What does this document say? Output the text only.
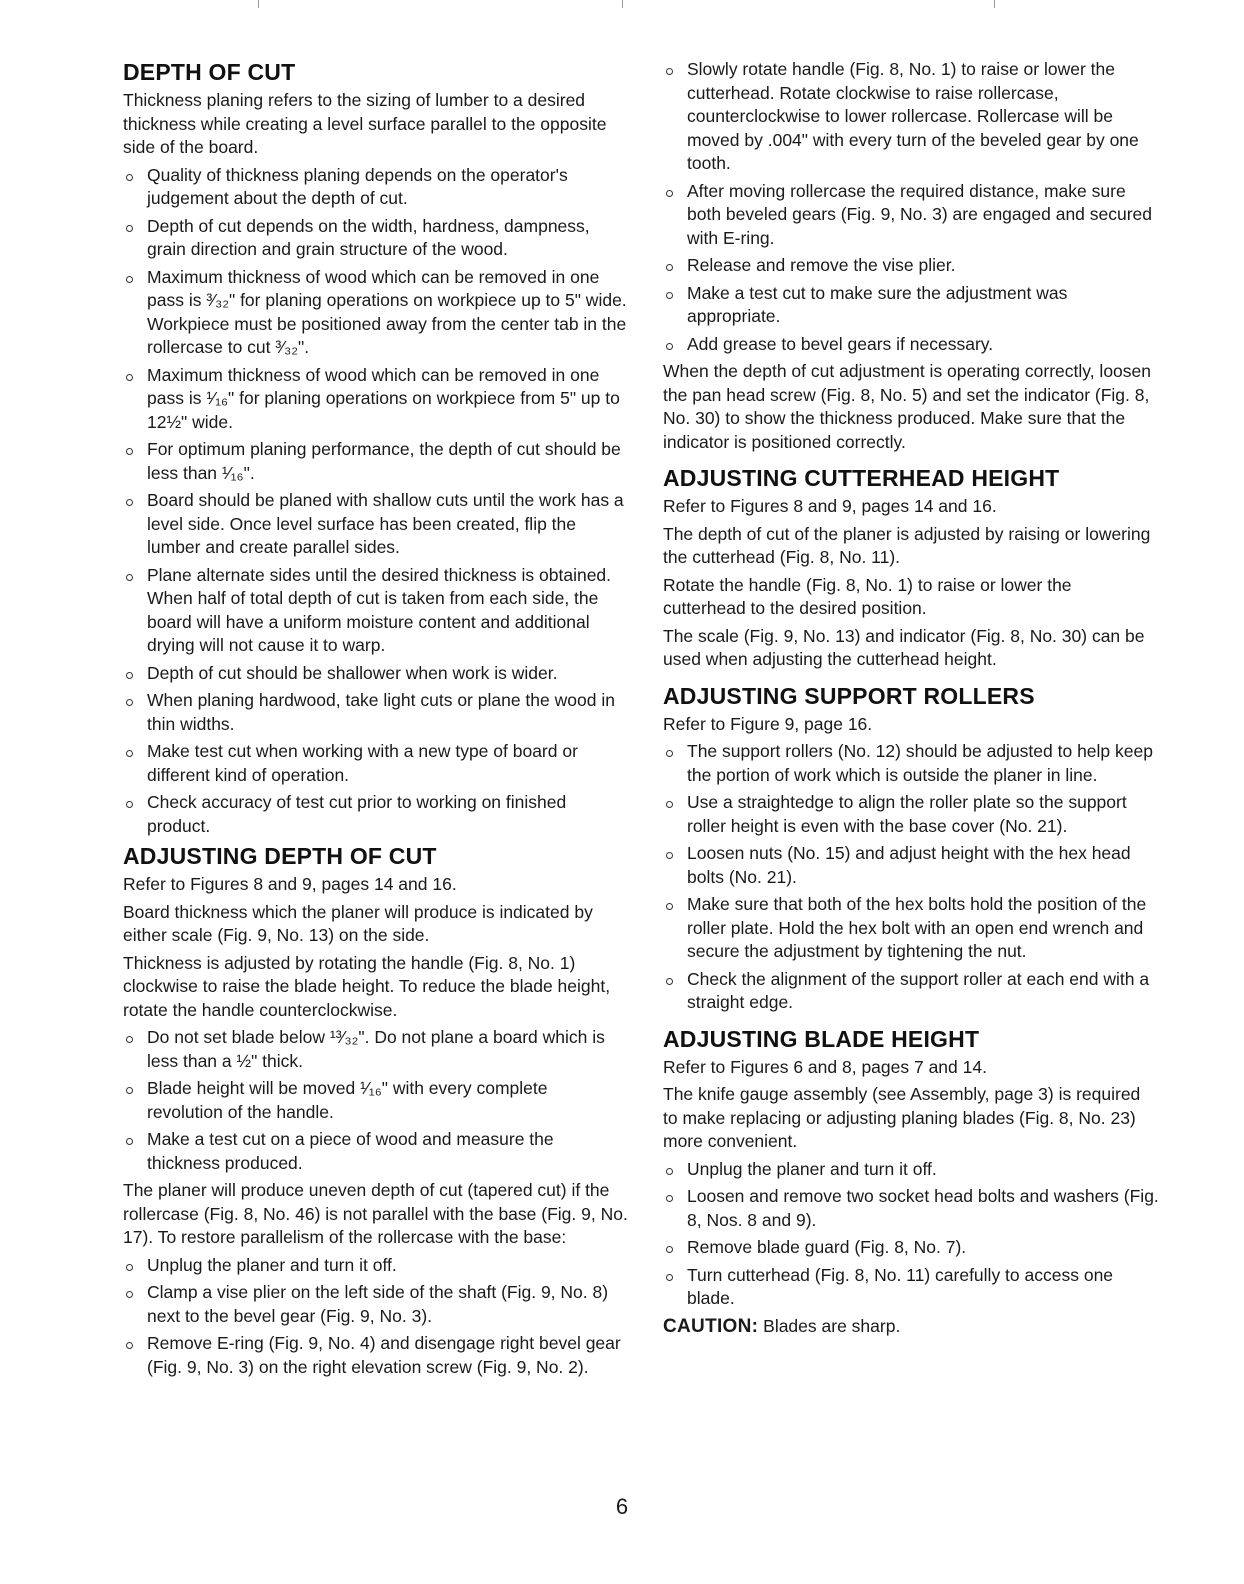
DEPTH OF CUT

Thickness planing refers to the sizing of lumber to a desired thickness while creating a level surface parallel to the opposite side of the board.

Quality of thickness planing depends on the operator's judgement about the depth of cut.
Depth of cut depends on the width, hardness, dampness, grain direction and grain structure of the wood.
Maximum thickness of wood which can be removed in one pass is ³⁄₃₂" for planing operations on workpiece up to 5" wide. Workpiece must be positioned away from the center tab in the rollercase to cut ³⁄₃₂".
Maximum thickness of wood which can be removed in one pass is ¹⁄₁₆" for planing operations on workpiece from 5" up to 12½" wide.
For optimum planing performance, the depth of cut should be less than ¹⁄₁₆".
Board should be planed with shallow cuts until the work has a level side. Once level surface has been created, flip the lumber and create parallel sides.
Plane alternate sides until the desired thickness is obtained. When half of total depth of cut is taken from each side, the board will have a uniform moisture content and additional drying will not cause it to warp.
Depth of cut should be shallower when work is wider.
When planing hardwood, take light cuts or plane the wood in thin widths.
Make test cut when working with a new type of board or different kind of operation.
Check accuracy of test cut prior to working on finished product.
ADJUSTING DEPTH OF CUT

Refer to Figures 8 and 9, pages 14 and 16.

Board thickness which the planer will produce is indicated by either scale (Fig. 9, No. 13) on the side.

Thickness is adjusted by rotating the handle (Fig. 8, No. 1) clockwise to raise the blade height. To reduce the blade height, rotate the handle counterclockwise.

Do not set blade below ¹³⁄₃₂". Do not plane a board which is less than a ½" thick.
Blade height will be moved ¹⁄₁₆" with every complete revolution of the handle.
Make a test cut on a piece of wood and measure the thickness produced.

The planer will produce uneven depth of cut (tapered cut) if the rollercase (Fig. 8, No. 46) is not parallel with the base (Fig. 9, No. 17). To restore parallelism of the rollercase with the base:

Unplug the planer and turn it off.
Clamp a vise plier on the left side of the shaft (Fig. 9, No. 8) next to the bevel gear (Fig. 9, No. 3).
Remove E-ring (Fig. 9, No. 4) and disengage right bevel gear (Fig. 9, No. 3) on the right elevation screw (Fig. 9, No. 2).
Slowly rotate handle (Fig. 8, No. 1) to raise or lower the cutterhead. Rotate clockwise to raise rollercase, counterclockwise to lower rollercase. Rollercase will be moved by .004" with every turn of the beveled gear by one tooth.
After moving rollercase the required distance, make sure both beveled gears (Fig. 9, No. 3) are engaged and secured with E-ring.
Release and remove the vise plier.
Make a test cut to make sure the adjustment was appropriate.
Add grease to bevel gears if necessary.

When the depth of cut adjustment is operating correctly, loosen the pan head screw (Fig. 8, No. 5) and set the indicator (Fig. 8, No. 30) to show the thickness produced. Make sure that the indicator is positioned correctly.

ADJUSTING CUTTERHEAD HEIGHT

Refer to Figures 8 and 9, pages 14 and 16.

The depth of cut of the planer is adjusted by raising or lowering the cutterhead (Fig. 8, No. 11).

Rotate the handle (Fig. 8, No. 1) to raise or lower the cutterhead to the desired position.

The scale (Fig. 9, No. 13) and indicator (Fig. 8, No. 30) can be used when adjusting the cutterhead height.

ADJUSTING SUPPORT ROLLERS

Refer to Figure 9, page 16.

The support rollers (No. 12) should be adjusted to help keep the portion of work which is outside the planer in line.
Use a straightedge to align the roller plate so the support roller height is even with the base cover (No. 21).
Loosen nuts (No. 15) and adjust height with the hex head bolts (No. 21).
Make sure that both of the hex bolts hold the position of the roller plate. Hold the hex bolt with an open end wrench and secure the adjustment by tightening the nut.
Check the alignment of the support roller at each end with a straight edge.
ADJUSTING BLADE HEIGHT

Refer to Figures 6 and 8, pages 7 and 14.

The knife gauge assembly (see Assembly, page 3) is required to make replacing or adjusting planing blades (Fig. 8, No. 23) more convenient.

Unplug the planer and turn it off.
Loosen and remove two socket head bolts and washers (Fig. 8, Nos. 8 and 9).
Remove blade guard (Fig. 8, No. 7).
Turn cutterhead (Fig. 8, No. 11) carefully to access one blade.

CAUTION: Blades are sharp.

6
